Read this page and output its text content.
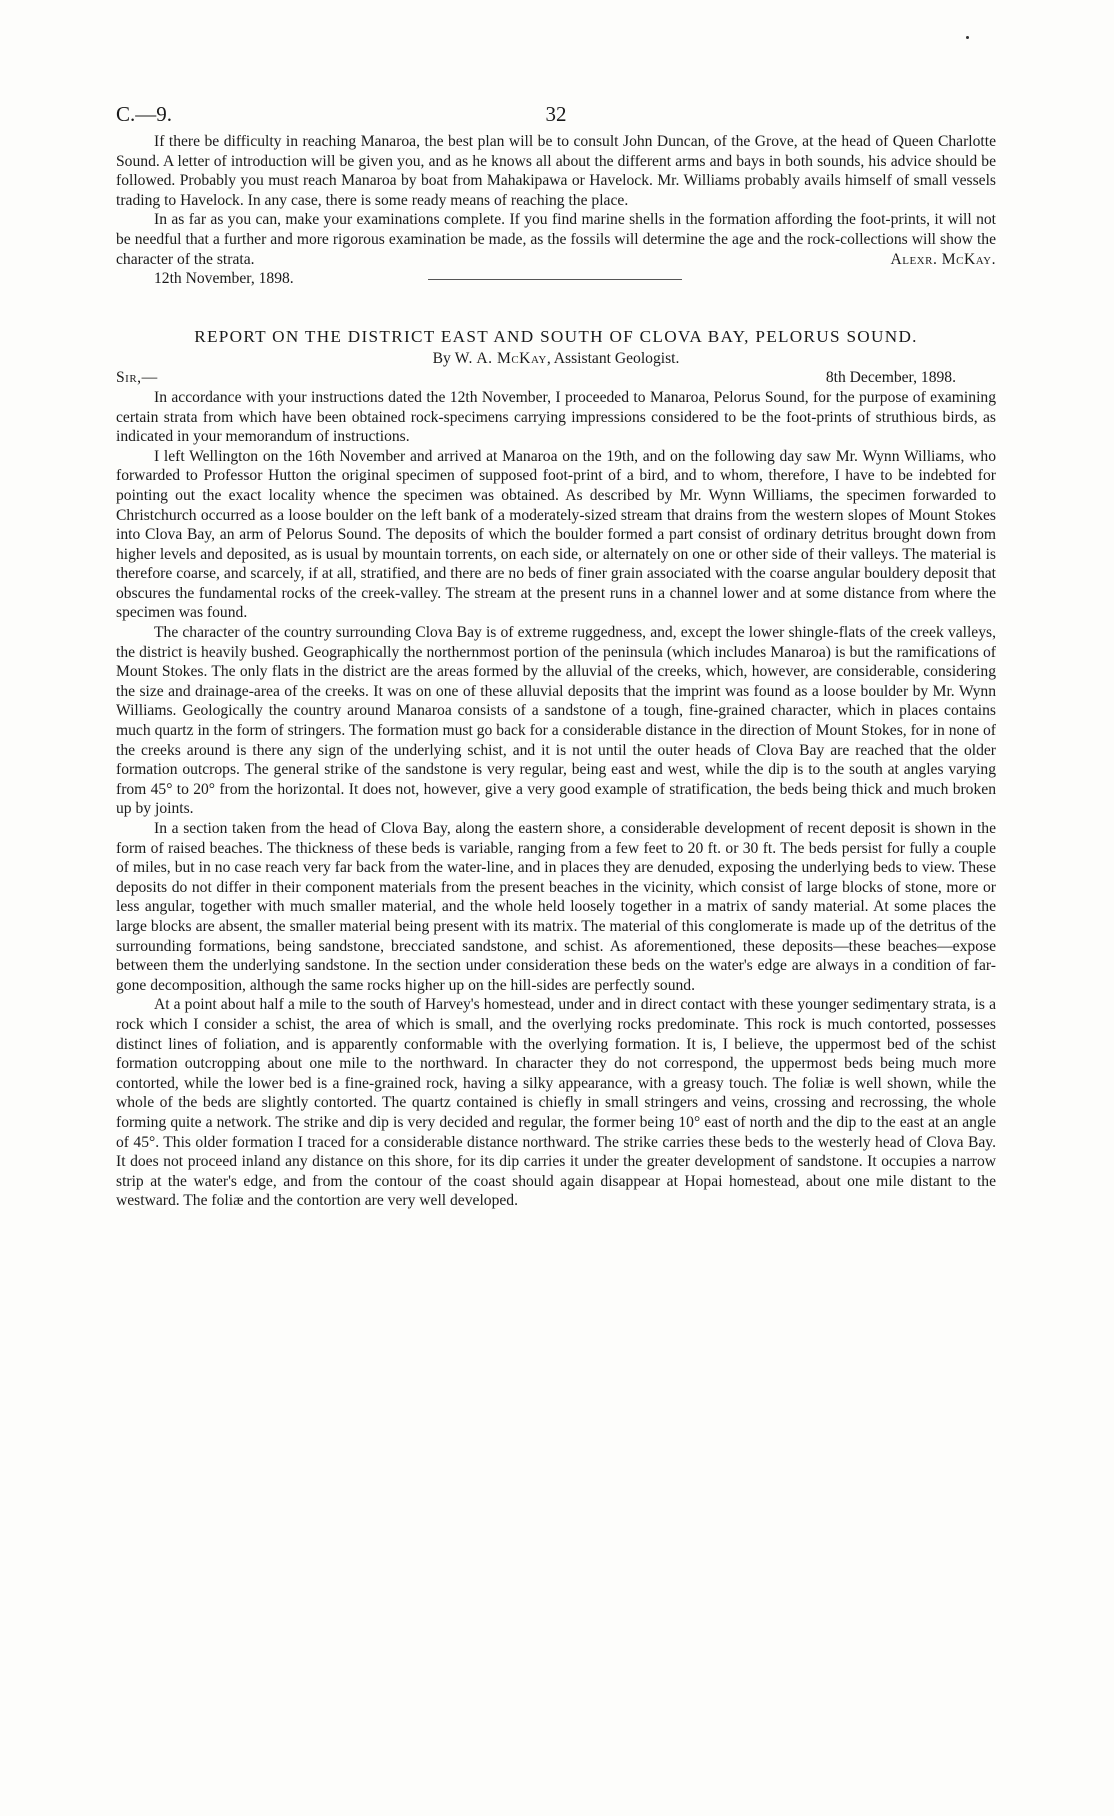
C.—9.	32

If there be difficulty in reaching Manaroa, the best plan will be to consult John Duncan, of the Grove, at the head of Queen Charlotte Sound. A letter of introduction will be given you, and as he knows all about the different arms and bays in both sounds, his advice should be followed. Probably you must reach Manaroa by boat from Mahakipawa or Havelock. Mr. Williams probably avails himself of small vessels trading to Havelock. In any case, there is some ready means of reaching the place.

In as far as you can, make your examinations complete. If you find marine shells in the formation affording the foot-prints, it will not be needful that a further and more rigorous examination be made, as the fossils will determine the age and the rock-collections will show the character of the strata.	Alexr. McKay.
12th November, 1898.
REPORT ON THE DISTRICT EAST AND SOUTH OF CLOVA BAY, PELORUS SOUND.
By W. A. McKay, Assistant Geologist.
Sir,—	8th December, 1898.

In accordance with your instructions dated the 12th November, I proceeded to Manaroa, Pelorus Sound, for the purpose of examining certain strata from which have been obtained rock-specimens carrying impressions considered to be the foot-prints of struthious birds, as indicated in your memorandum of instructions.

I left Wellington on the 16th November and arrived at Manaroa on the 19th, and on the following day saw Mr. Wynn Williams, who forwarded to Professor Hutton the original specimen of supposed foot-print of a bird, and to whom, therefore, I have to be indebted for pointing out the exact locality whence the specimen was obtained. As described by Mr. Wynn Williams, the specimen forwarded to Christchurch occurred as a loose boulder on the left bank of a moderately-sized stream that drains from the western slopes of Mount Stokes into Clova Bay, an arm of Pelorus Sound. The deposits of which the boulder formed a part consist of ordinary detritus brought down from higher levels and deposited, as is usual by mountain torrents, on each side, or alternately on one or other side of their valleys. The material is therefore coarse, and scarcely, if at all, stratified, and there are no beds of finer grain associated with the coarse angular bouldery deposit that obscures the fundamental rocks of the creek-valley. The stream at the present runs in a channel lower and at some distance from where the specimen was found.

The character of the country surrounding Clova Bay is of extreme ruggedness, and, except the lower shingle-flats of the creek valleys, the district is heavily bushed. Geographically the northernmost portion of the peninsula (which includes Manaroa) is but the ramifications of Mount Stokes. The only flats in the district are the areas formed by the alluvial of the creeks, which, however, are considerable, considering the size and drainage-area of the creeks. It was on one of these alluvial deposits that the imprint was found as a loose boulder by Mr. Wynn Williams. Geologically the country around Manaroa consists of a sandstone of a tough, fine-grained character, which in places contains much quartz in the form of stringers. The formation must go back for a considerable distance in the direction of Mount Stokes, for in none of the creeks around is there any sign of the underlying schist, and it is not until the outer heads of Clova Bay are reached that the older formation outcrops. The general strike of the sandstone is very regular, being east and west, while the dip is to the south at angles varying from 45° to 20° from the horizontal. It does not, however, give a very good example of stratification, the beds being thick and much broken up by joints.

In a section taken from the head of Clova Bay, along the eastern shore, a considerable development of recent deposit is shown in the form of raised beaches. The thickness of these beds is variable, ranging from a few feet to 20 ft. or 30 ft. The beds persist for fully a couple of miles, but in no case reach very far back from the water-line, and in places they are denuded, exposing the underlying beds to view. These deposits do not differ in their component materials from the present beaches in the vicinity, which consist of large blocks of stone, more or less angular, together with much smaller material, and the whole held loosely together in a matrix of sandy material. At some places the large blocks are absent, the smaller material being present with its matrix. The material of this conglomerate is made up of the detritus of the surrounding formations, being sandstone, brecciated sandstone, and schist. As aforementioned, these deposits—these beaches—expose between them the underlying sandstone. In the section under consideration these beds on the water's edge are always in a condition of far-gone decomposition, although the same rocks higher up on the hill-sides are perfectly sound.

At a point about half a mile to the south of Harvey's homestead, under and in direct contact with these younger sedimentary strata, is a rock which I consider a schist, the area of which is small, and the overlying rocks predominate. This rock is much contorted, possesses distinct lines of foliation, and is apparently conformable with the overlying formation. It is, I believe, the uppermost bed of the schist formation outcropping about one mile to the northward. In character they do not correspond, the uppermost beds being much more contorted, while the lower bed is a fine-grained rock, having a silky appearance, with a greasy touch. The foliæ is well shown, while the whole of the beds are slightly contorted. The quartz contained is chiefly in small stringers and veins, crossing and recrossing, the whole forming quite a network. The strike and dip is very decided and regular, the former being 10° east of north and the dip to the east at an angle of 45°. This older formation I traced for a considerable distance northward. The strike carries these beds to the westerly head of Clova Bay. It does not proceed inland any distance on this shore, for its dip carries it under the greater development of sandstone. It occupies a narrow strip at the water's edge, and from the contour of the coast should again disappear at Hopai homestead, about one mile distant to the westward. The foliæ and the contortion are very well developed.
